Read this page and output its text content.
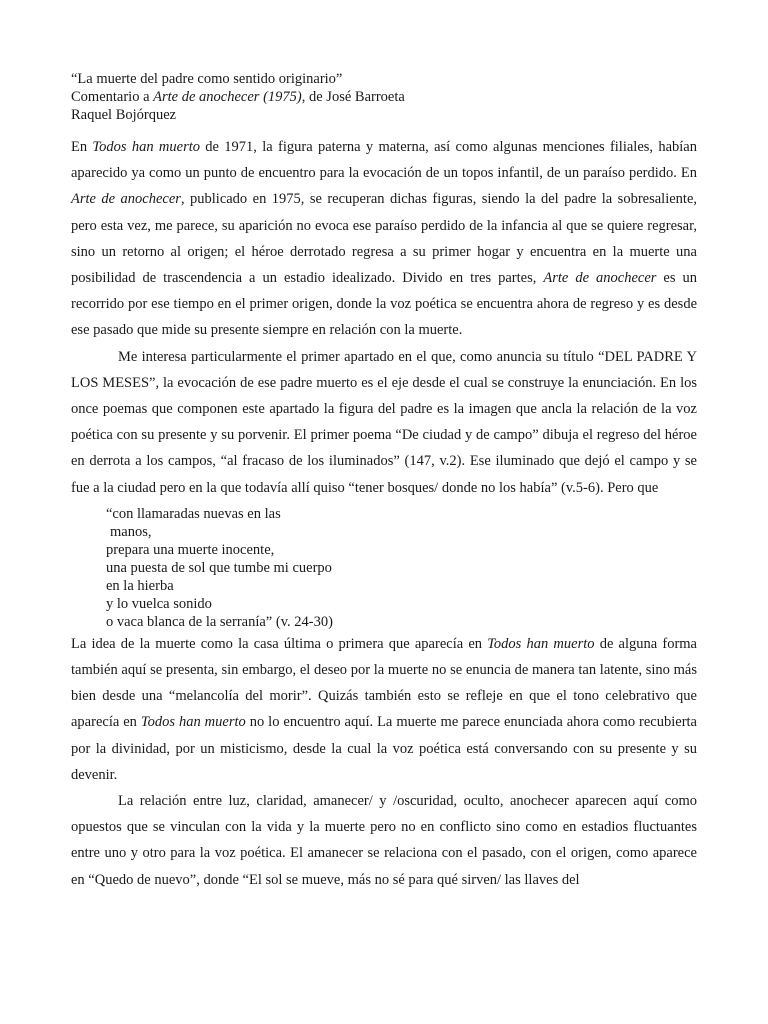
“La muerte del padre como sentido originario”

Comentario a Arte de anochecer (1975), de José Barroeta

Raquel Bojórquez

En Todos han muerto de 1971, la figura paterna y materna, así como algunas menciones filiales, habían aparecido ya como un punto de encuentro para la evocación de un topos infantil, de un paraíso perdido. En Arte de anochecer, publicado en 1975, se recuperan dichas figuras, siendo la del padre la sobresaliente, pero esta vez, me parece, su aparición no evoca ese paraíso perdido de la infancia al que se quiere regresar, sino un retorno al origen; el héroe derrotado regresa a su primer hogar y encuentra en la muerte una posibilidad de trascendencia a un estadio idealizado. Divido en tres partes, Arte de anochecer es un recorrido por ese tiempo en el primer origen, donde la voz poética se encuentra ahora de regreso y es desde ese pasado que mide su presente siempre en relación con la muerte.

Me interesa particularmente el primer apartado en el que, como anuncia su título “DEL PADRE Y LOS MESES”, la evocación de ese padre muerto es el eje desde el cual se construye la enunciación. En los once poemas que componen este apartado la figura del padre es la imagen que ancla la relación de la voz poética con su presente y su porvenir. El primer poema “De ciudad y de campo” dibuja el regreso del héroe en derrota a los campos, “al fracaso de los iluminados” (147, v.2). Ese iluminado que dejó el campo y se fue a la ciudad pero en la que todavía allí quiso “tener bosques/ donde no los había” (v.5-6). Pero que

“con llamaradas nuevas en las
manos,
prepara una muerte inocente,
una puesta de sol que tumbe mi cuerpo
en la hierba
y lo vuelca sonido
o vaca blanca de la serranía” (v. 24-30)

La idea de la muerte como la casa última o primera que aparecía en Todos han muerto de alguna forma también aquí se presenta, sin embargo, el deseo por la muerte no se enuncia de manera tan latente, sino más bien desde una “melancolía del morir”. Quizás también esto se refleje en que el tono celebrativo que aparecía en Todos han muerto no lo encuentro aquí. La muerte me parece enunciada ahora como recubierta por la divinidad, por un misticismo, desde la cual la voz poética está conversando con su presente y su devenir.

La relación entre luz, claridad, amanecer/ y /oscuridad, oculto, anochecer aparecen aquí como opuestos que se vinculan con la vida y la muerte pero no en conflicto sino como en estadios fluctuantes entre uno y otro para la voz poética. El amanecer se relaciona con el pasado, con el origen, como aparece en “Quedo de nuevo”, donde “El sol se mueve, más no sé para qué sirven/ las llaves del
